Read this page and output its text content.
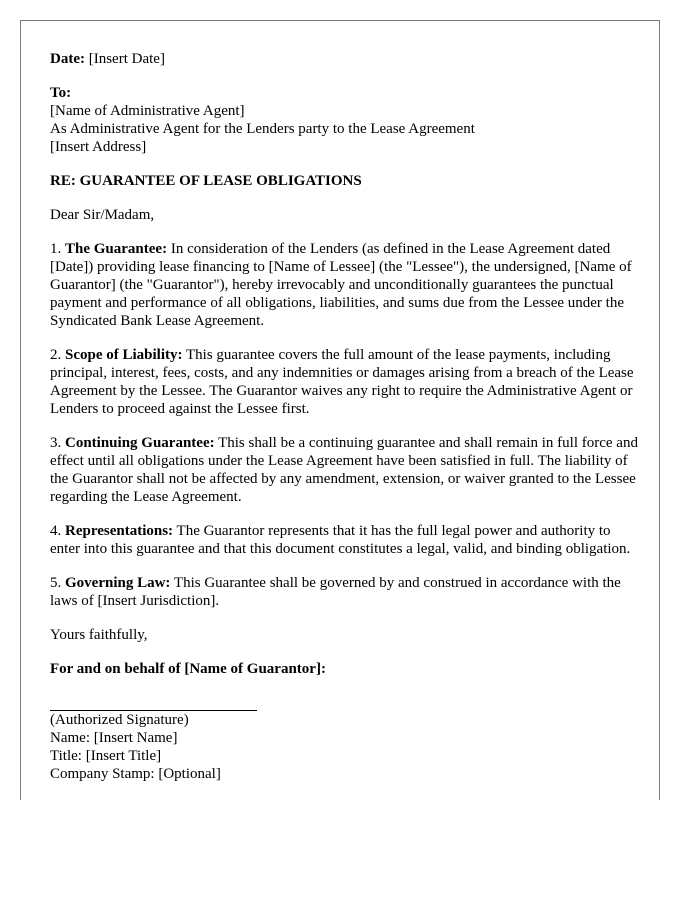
Date: [Insert Date]

To:

[Name of Administrative Agent]

As Administrative Agent for the Lenders party to the Lease Agreement

[Insert Address]

RE: GUARANTEE OF LEASE OBLIGATIONS

Dear Sir/Madam,

1. The Guarantee: In consideration of the Lenders (as defined in the Lease Agreement dated [Date]) providing lease financing to [Name of Lessee] (the "Lessee"), the undersigned, [Name of Guarantor] (the "Guarantor"), hereby irrevocably and unconditionally guarantees the punctual payment and performance of all obligations, liabilities, and sums due from the Lessee under the Syndicated Bank Lease Agreement.

2. Scope of Liability: This guarantee covers the full amount of the lease payments, including principal, interest, fees, costs, and any indemnities or damages arising from a breach of the Lease Agreement by the Lessee. The Guarantor waives any right to require the Administrative Agent or Lenders to proceed against the Lessee first.

3. Continuing Guarantee: This shall be a continuing guarantee and shall remain in full force and effect until all obligations under the Lease Agreement have been satisfied in full. The liability of the Guarantor shall not be affected by any amendment, extension, or waiver granted to the Lessee regarding the Lease Agreement.

4. Representations: The Guarantor represents that it has the full legal power and authority to enter into this guarantee and that this document constitutes a legal, valid, and binding obligation.

5. Governing Law: This Guarantee shall be governed by and construed in accordance with the laws of [Insert Jurisdiction].

Yours faithfully,

For and on behalf of [Name of Guarantor]:

(Authorized Signature)

Name: [Insert Name]

Title: [Insert Title]

Company Stamp: [Optional]
